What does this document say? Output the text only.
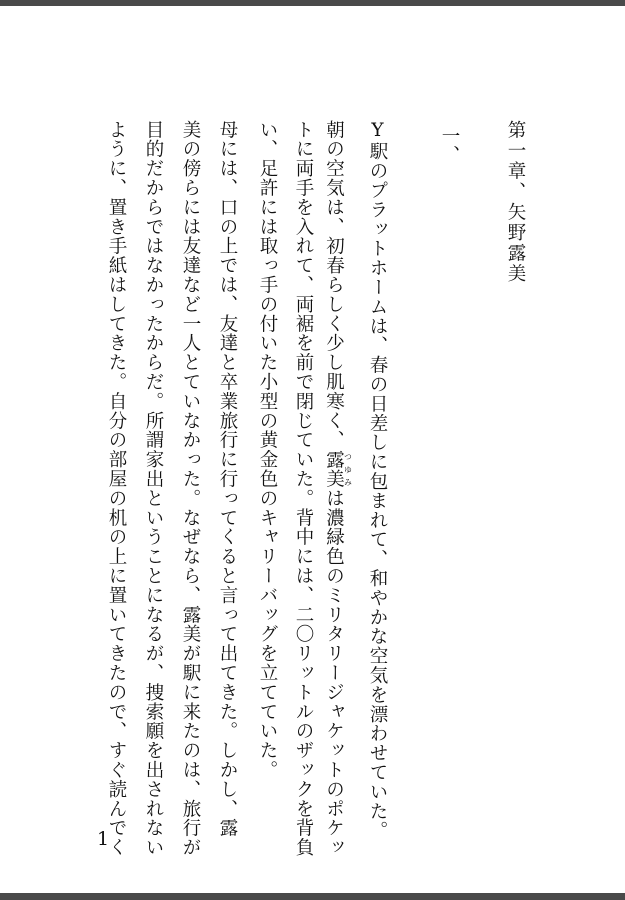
第一章、矢野露美
一、
Y駅のプラットホームは、春の日差しに包まれて、和やかな空気を漂わせていた。
朝の空気は、初春らしく少し肌寒く、露美 つゆみは濃緑色のミリタリージャケットのポケッ
トに両手を入れて、両裾を前で閉じていた。背中には、二〇リットルのザックを背負
い、足許には取っ手の付いた小型の黄金色のキャリーバッグを立てていた。
母には、口の上では、友達と卒業旅行に行ってくると言って出てきた。しかし、露
美の傍らには友達など一人とていなかった。なぜなら、露美が駅に来たのは、旅行が
目的だからではなかったからだ。所謂家出ということになるが、捜索願を出されない
ように、置き手紙はしてきた。自分の部屋の机の上に置いてきたので、すぐ読んでく
1
